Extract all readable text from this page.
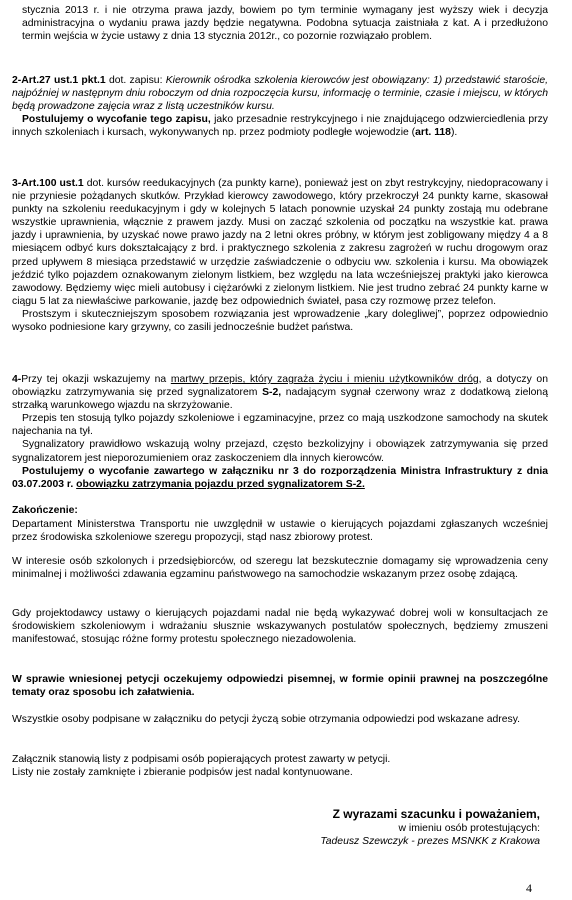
stycznia 2013 r. i nie otrzyma prawa jazdy, bowiem po tym terminie wymagany jest wyższy wiek i decyzja administracyjna o wydaniu prawa jazdy będzie negatywna. Podobna sytuacja zaistniała z kat. A i przedłużono termin wejścia w życie ustawy z dnia 13 stycznia 2012r., co pozornie rozwiązało problem.

2-Art.27 ust.1 pkt.1 dot. zapisu: Kierownik ośrodka szkolenia kierowców jest obowiązany: 1) przedstawić staroście, najpóźniej w następnym dniu roboczym od dnia rozpoczęcia kursu, informację o terminie, czasie i miejscu, w których będą prowadzone zajęcia wraz z listą uczestników kursu.
Postulujemy o wycofanie tego zapisu, jako przesadnie restrykcyjnego i nie znajdującego odzwierciedlenia przy innych szkoleniach i kursach, wykonywanych np. przez podmioty podległe wojewodzie (art. 118).

3-Art.100 ust.1 dot. kursów reedukacyjnych (za punkty karne), ponieważ jest on zbyt restrykcyjny, niedopracowany i nie przyniesie pożądanych skutków. Przykład kierowcy zawodowego, który przekroczył 24 punkty karne, skasował punkty na szkoleniu reedukacyjnym i gdy w kolejnych 5 latach ponownie uzyskał 24 punkty zostają mu odebrane wszystkie uprawnienia, włącznie z prawem jazdy. Musi on zacząć szkolenia od początku na wszystkie kat. prawa jazdy i uprawnienia, by uzyskać nowe prawo jazdy na 2 letni okres próbny, w którym jest zobligowany między 4 a 8 miesiącem odbyć kurs dokształcający z brd. i praktycznego szkolenia z zakresu zagrożeń w ruchu drogowym oraz przed upływem 8 miesiąca przedstawić w urzędzie zaświadczenie o odbyciu ww. szkolenia i kursu. Ma obowiązek jeździć tylko pojazdem oznakowanym zielonym listkiem, bez względu na lata wcześniejszej praktyki jako kierowca zawodowy. Będziemy więc mieli autobusy i ciężarówki z zielonym listkiem. Nie jest trudno zebrać 24 punkty karne w ciągu 5 lat za niewłaściwe parkowanie, jazdę bez odpowiednich świateł, pasa czy rozmowę przez telefon.
Prostszym i skuteczniejszym sposobem rozwiązania jest wprowadzenie „kary dolegliwej”, poprzez odpowiednio wysoko podniesione kary grzywny, co zasili jednocześnie budżet państwa.

4-Przy tej okazji wskazujemy na martwy przepis, który zagraża życiu i mieniu użytkowników dróg, a dotyczy on obowiązku zatrzymywania się przed sygnalizatorem S-2, nadającym sygnał czerwony wraz z dodatkową zieloną strzałką warunkowego wjazdu na skrzyżowanie.
Przepis ten stosują tylko pojazdy szkoleniowe i egzaminacyjne, przez co mają uszkodzone samochody na skutek najechania na tył.
Sygnalizatory prawidłowo wskazują wolny przejazd, często bezkolizyjny i obowiązek zatrzymywania się przed sygnalizatorem jest nieporozumieniem oraz zaskoczeniem dla innych kierowców.
Postulujemy o wycofanie zawartego w załączniku nr 3 do rozporządzenia Ministra Infrastruktury z dnia 03.07.2003 r. obowiązku zatrzymania pojazdu przed sygnalizatorem S-2.

Zakończenie:

Departament Ministerstwa Transportu nie uwzględnił w ustawie o kierujących pojazdami zgłaszanych wcześniej przez środowiska szkoleniowe szeregu propozycji, stąd nasz zbiorowy protest.

W interesie osób szkolonych i przedsiębiorców, od szeregu lat bezskutecznie domagamy się wprowadzenia ceny minimalnej i możliwości zdawania egzaminu państwowego na samochodzie wskazanym przez osobę zdającą.

Gdy projektodawcy ustawy o kierujących pojazdami nadal nie będą wykazywać dobrej woli w konsultacjach ze środowiskiem szkoleniowym i wdrażaniu słusznie wskazywanych postulatów społecznych, będziemy zmuszeni manifestować, stosując różne formy protestu społecznego niezadowolenia.

W sprawie wniesionej petycji oczekujemy odpowiedzi pisemnej, w formie opinii prawnej na poszczególne tematy oraz sposobu ich załatwienia.

Wszystkie osoby podpisane w załączniku do petycji życzą sobie otrzymania odpowiedzi pod wskazane adresy.

Załącznik stanowią listy z podpisami osób popierających protest zawarty w petycji.
Listy nie zostały zamknięte i zbieranie podpisów jest nadal kontynuowane.

Z wyrazami szacunku i poważaniem,
w imieniu osób protestujących:
Tadeusz Szewczyk - prezes MSNKK z Krakowa
4
